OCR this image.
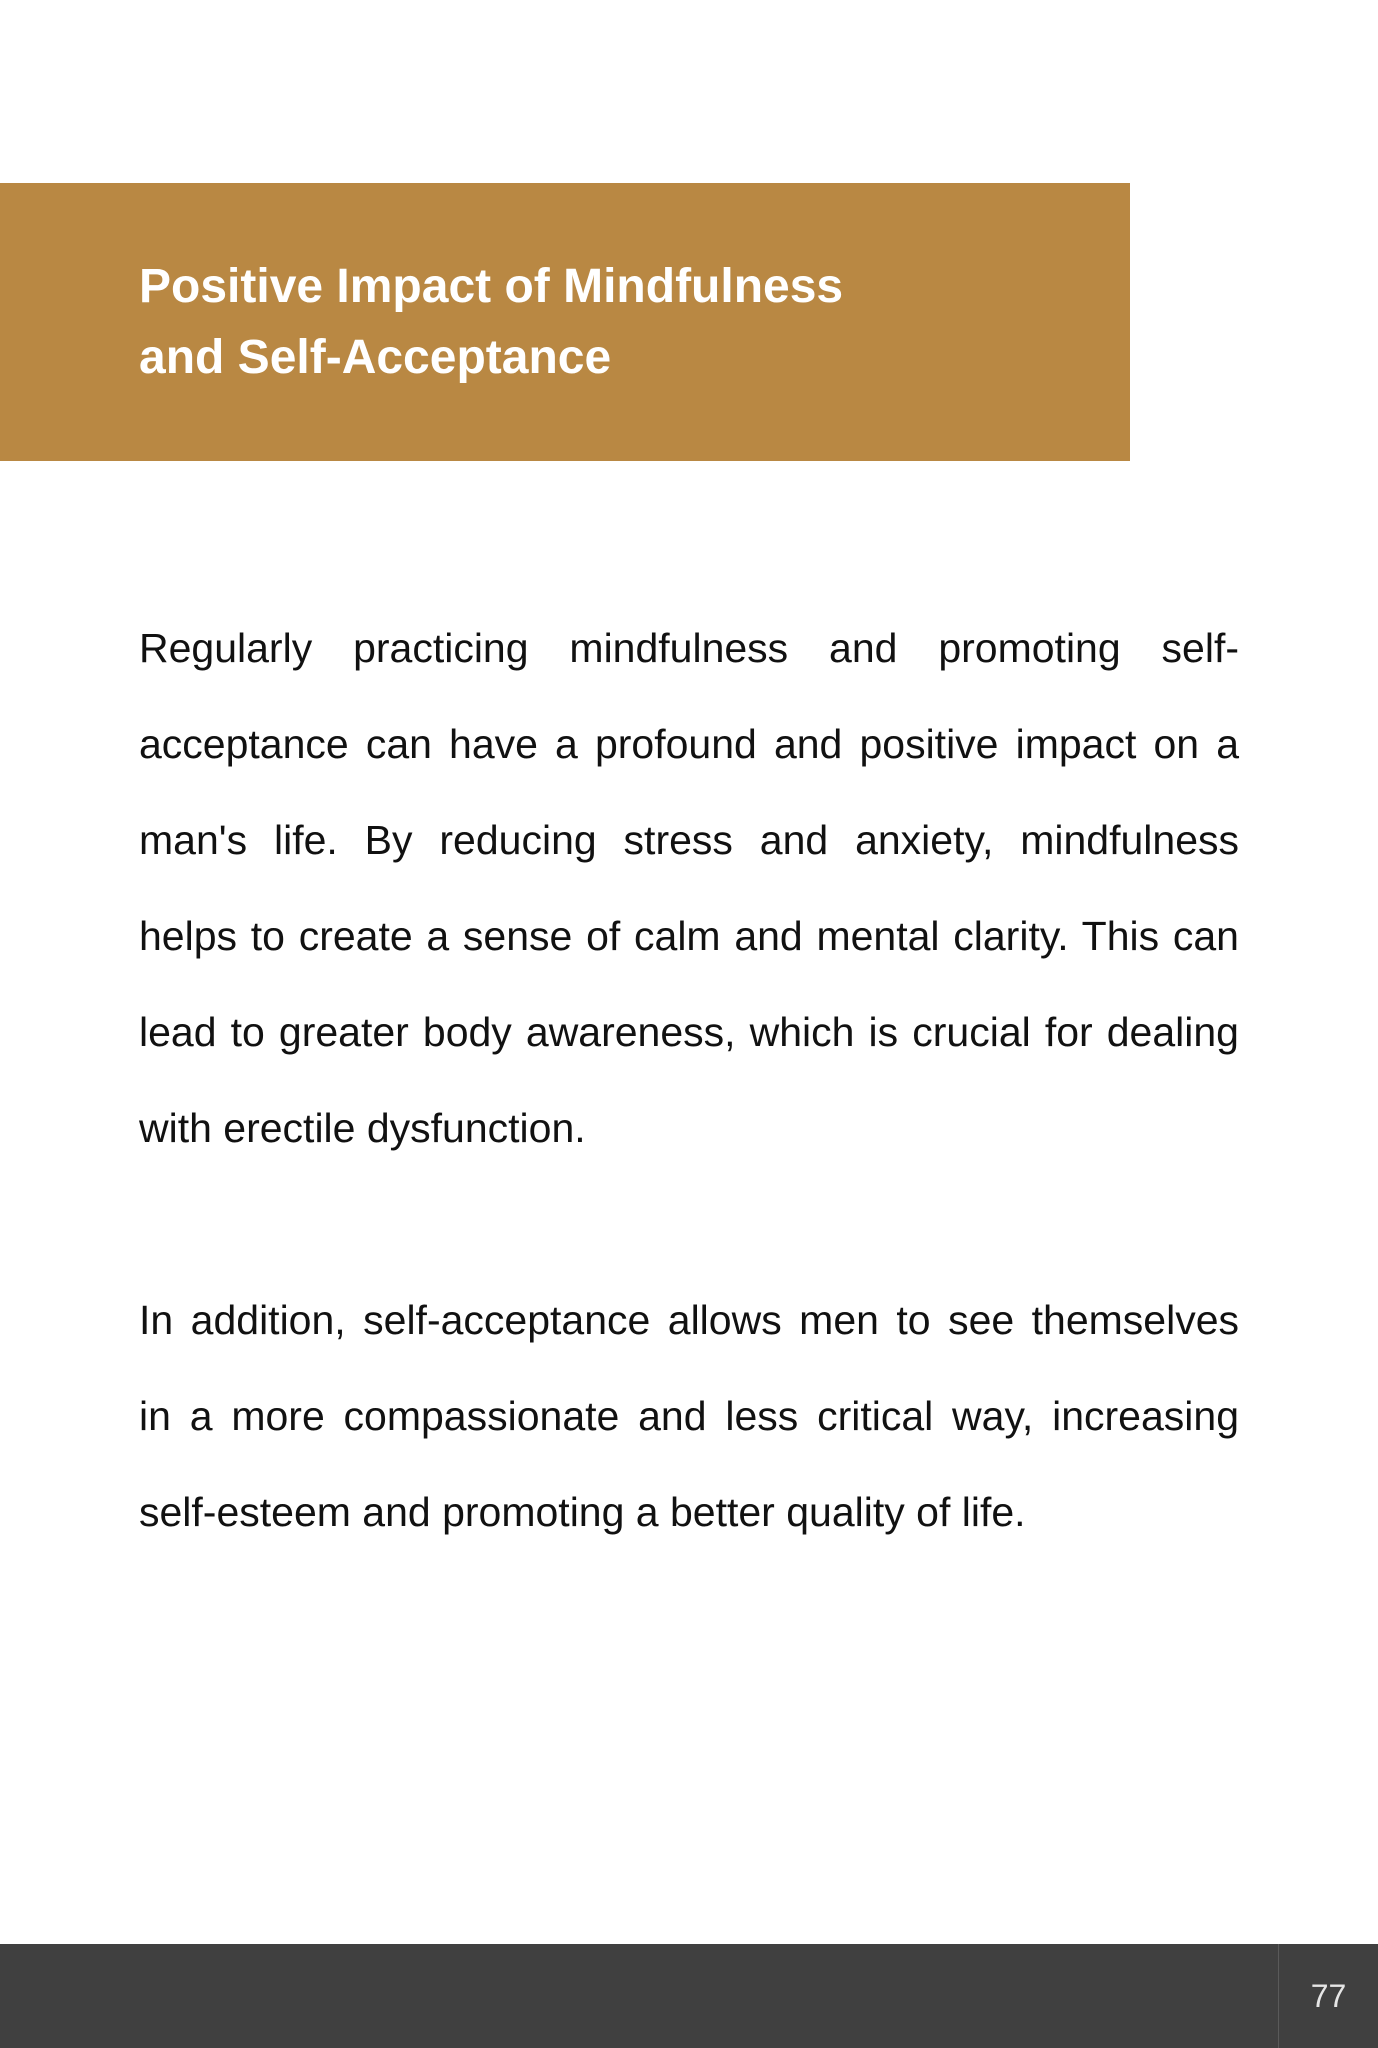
Positive Impact of Mindfulness
and Self-Acceptance

Regularly practicing mindfulness and promoting self-acceptance can have a profound and positive impact on a man's life. By reducing stress and anxiety, mindfulness helps to create a sense of calm and mental clarity. This can lead to greater body awareness, which is crucial for dealing with erectile dysfunction.

In addition, self-acceptance allows men to see themselves in a more compassionate and less critical way, increasing self-esteem and promoting a better quality of life.

77
